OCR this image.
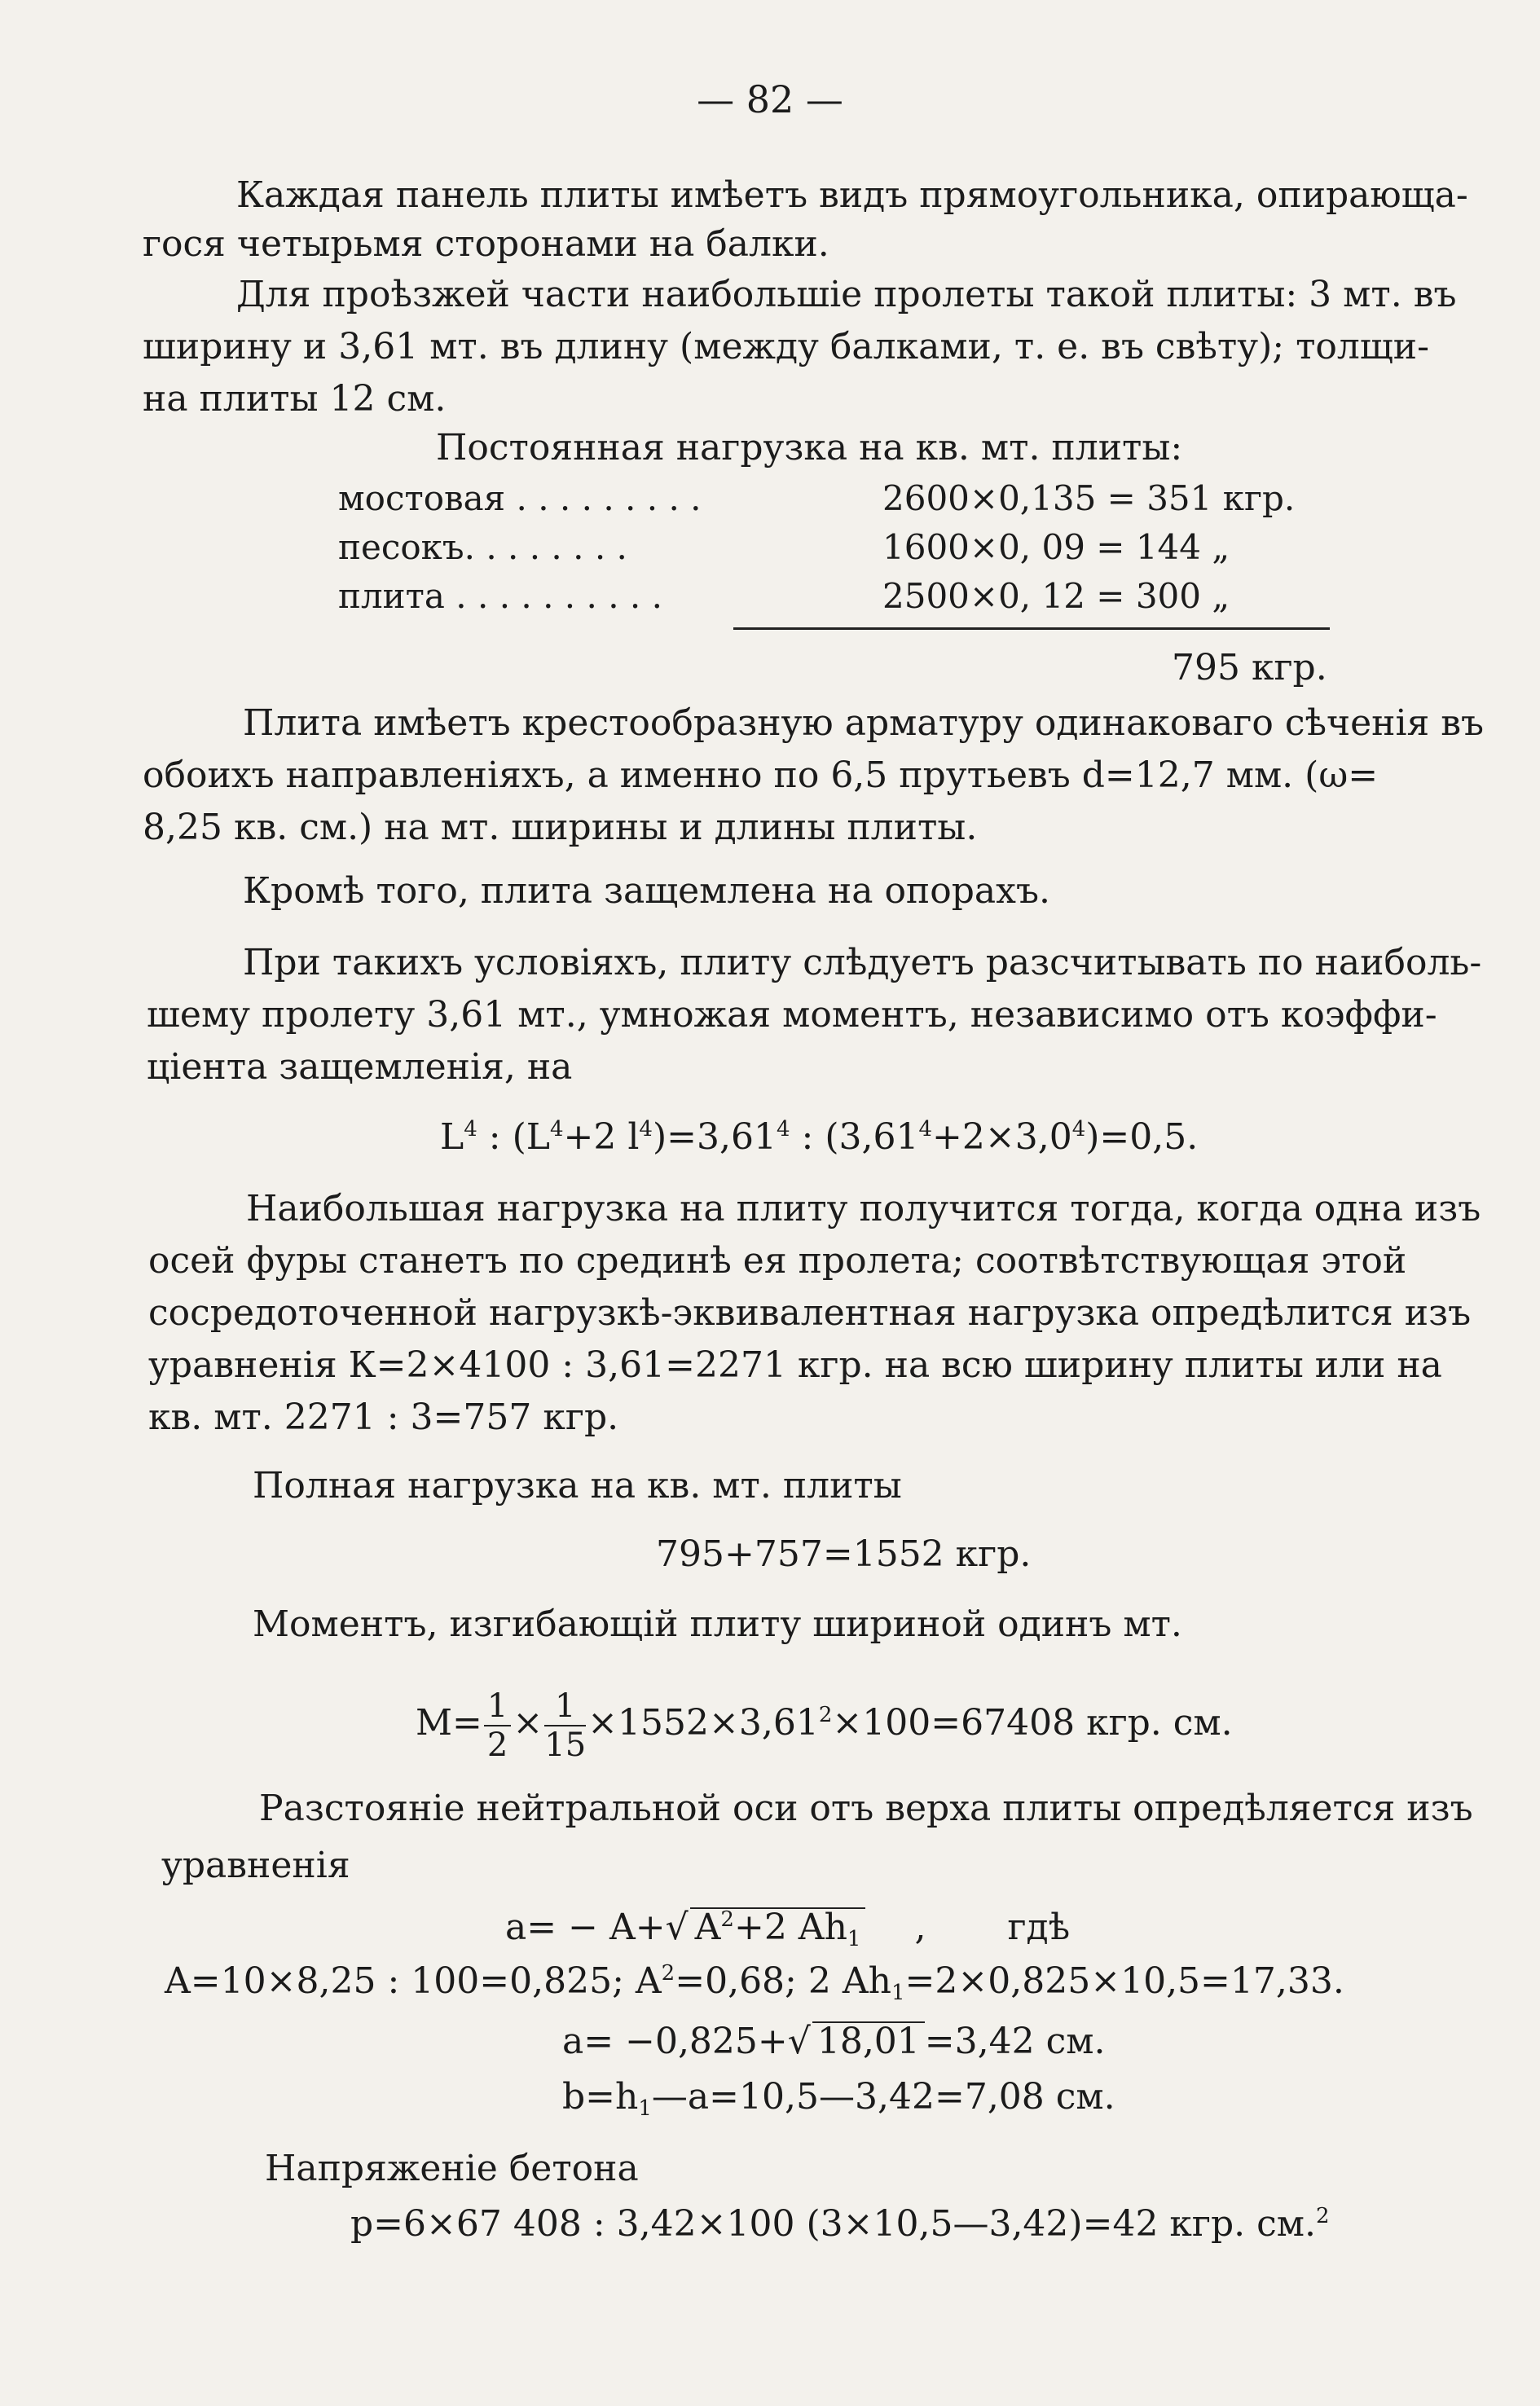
— 82 —
Каждая панель плиты имѣетъ видъ прямоугольника, опирающа-
гося четырьмя сторонами на балки.
Для проѣзжей части наибольшіе пролеты такой плиты: 3 мт. въ
ширину и 3,61 мт. въ длину (между балками, т. е. въ свѣту); толщи-
на плиты 12 см.
Постоянная нагрузка на кв. мт. плиты:
мостовая . . . . . . . . .	2600×0,135 = 351 кгр.
песокъ. . . . . . . .	1600×0, 09 = 144 „
плита . . . . . . . . . .	2500×0, 12 = 300 „
795 кгр.
Плита имѣетъ крестообразную арматуру одинаковаго сѣченія въ
обоихъ направленіяхъ, а именно по 6,5 прутьевъ d=12,7 мм. (ω=
8,25 кв. см.) на мт. ширины и длины плиты.
Кромѣ того, плита защемлена на опорахъ.
При такихъ условіяхъ, плиту слѣдуетъ разсчитывать по наиболь-
шему пролету 3,61 мт., умножая моментъ, независимо отъ коэффи-
ціента защемленія, на
$L^4$ : ($L^4+2$ $l^4)=3,61^4$ : $(3,61^4+2\times 3,0^4)=0,5$.
Наибольшая нагрузка на плиту получится тогда, когда одна изъ
осей фуры станетъ по срединѣ ея пролета; соотвѣтствующая этой
сосредоточенной нагрузкѣ-эквивалентная нагрузка опредѣлится изъ
уравненія К=2×4100 : 3,61=2271 кгр. на всю ширину плиты или на
кв. мт. 2271 : 3=757 кгр.
Полная нагрузка на кв. мт. плиты
795+757=1552 кгр.
Моментъ, изгибающій плиту шириной одинъ мт.
$M= \frac{1}{2} \times \frac{1}{15} \times 1552\times 3,61^2\times 100=67408$ кгр. см.
Разстояніе нейтральной оси отъ верха плиты опредѣляется изъ
уравненія
a= − A+√ $A^2+2$ $Ah_1$ , гдѣ
A=10×8,25 : 100=0,825; $A^2=0,68$; 2 $Ah_1=2\times 0,825\times 10,5=17,33$.
a= −0,825+√ 18,01 =3,42 см.
$b=h_1—a=10,5—3,42=7,08$ см.
Напряженіе бетона
p=6×67 408 : 3,42×100 (3×10,5—3,42)=42 кгр. см.$^2$
